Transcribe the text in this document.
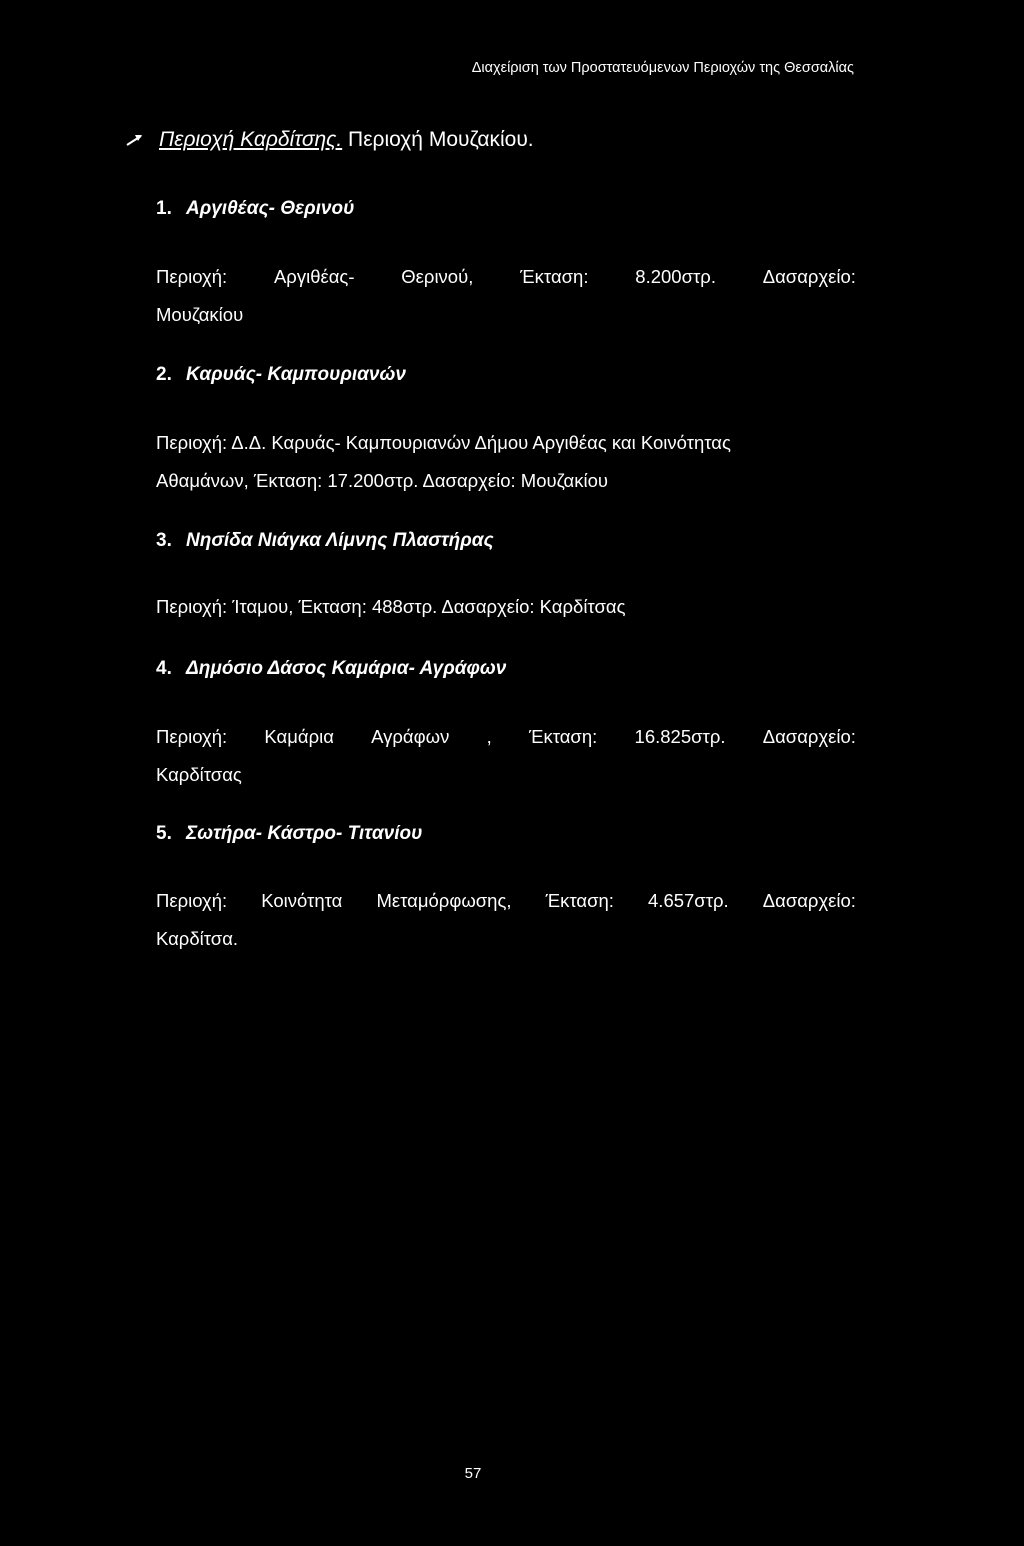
Διαχείριση των Προστατευόμενων Περιοχών της Θεσσαλίας
Περιοχή Καρδίτσης. Περιοχή Μουζακίου.
1. Αργιθέας- Θερινού
Περιοχή:	Αργιθέας-	Θερινού,	Έκταση:	8.200στρ.	Δασαρχείο:
Μουζακίου
2. Καρυάς- Καμπουριανών
Περιοχή: Δ.Δ. Καρυάς- Καμπουριανών Δήμου Αργιθέας και Κοινότητας
Αθαμάνων, Έκταση: 17.200στρ. Δασαρχείο: Μουζακίου
3. Νησίδα Νιάγκα Λίμνης Πλαστήρας
Περιοχή: Ίταμου, Έκταση: 488στρ. Δασαρχείο: Καρδίτσας
4. Δημόσιο Δάσος Καμάρια- Αγράφων
Περιοχή: Καμάρια Αγράφων , Έκταση: 16.825στρ. Δασαρχείο:
Καρδίτσας
5. Σωτήρα- Κάστρο- Τιτανίου
Περιοχή: Κοινότητα Μεταμόρφωσης, Έκταση: 4.657στρ. Δασαρχείο:
Καρδίτσα.
57
